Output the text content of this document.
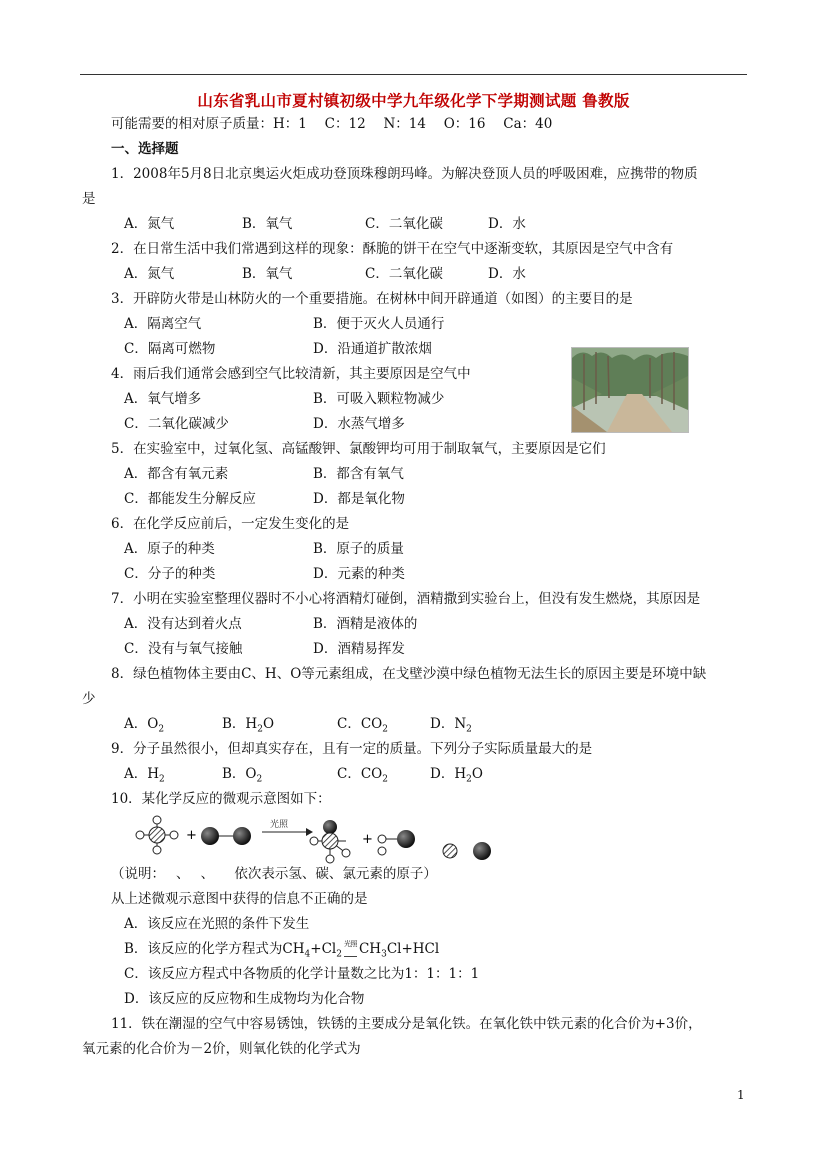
山东省乳山市夏村镇初级中学九年级化学下学期测试题 鲁教版
可能需要的相对原子质量：H：1　 C：12　 N：14　 O：16　 Ca：40
一、选择题
1．2008年5月8日北京奥运火炬成功登顶珠穆朗玛峰。为解决登顶人员的呼吸困难，应携带的物质
是
A．氮气	B．氧气	C．二氧化碳	D．水
2．在日常生活中我们常遇到这样的现象：酥脆的饼干在空气中逐渐变软，其原因是空气中含有
A．氮气	B．氧气	C．二氧化碳	D．水
3．开辟防火带是山林防火的一个重要措施。在树林中间开辟通道（如图）的主要目的是
A．隔离空气	B．便于灭火人员通行
C．隔离可燃物	D．沿通道扩散浓烟
4．雨后我们通常会感到空气比较清新，其主要原因是空气中
A．氧气增多	B．可吸入颗粒物减少
C．二氧化碳减少	D．水蒸气增多
5．在实验室中，过氧化氢、高锰酸钾、氯酸钾均可用于制取氧气，主要原因是它们
A．都含有氧元素	B．都含有氧气
C．都能发生分解反应	D．都是氧化物
6．在化学反应前后，一定发生变化的是
A．原子的种类	B．原子的质量
C．分子的种类	D．元素的种类
7．小明在实验室整理仪器时不小心将酒精灯碰倒，酒精撒到实验台上，但没有发生燃烧，其原因是
A．没有达到着火点	B．酒精是液体的
C．没有与氧气接触	D．酒精易挥发
8．绿色植物体主要由C、H、O等元素组成，在戈壁沙漠中绿色植物无法生长的原因主要是环境中缺
少
A．$O_2$	B．$H_2O$	C．$CO_2$	D．$N_2$
9．分子虽然很小，但却真实存在，且有一定的质量。下列分子实际质量最大的是
A．$H_2$	B．$O_2$	C．$CO_2$	D．$H_2O$
10．某化学反应的微观示意图如下：
+
光照
+
（说明：　 、　 、　　依次表示氢、碳、氯元素的原子）
从上述微观示意图中获得的信息不正确的是
A．该反应在光照的条件下发生
B．该反应的化学方程式为$CH_4+Cl_2^{光照}$ $CH_3Cl+HCl$
C．该反应方程式中各物质的化学计量数之比为1：1：1：1
D．该反应的反应物和生成物均为化合物
11．铁在潮湿的空气中容易锈蚀，铁锈的主要成分是氧化铁。在氧化铁中铁元素的化合价为+3价，
氧元素的化合价为－2价，则氧化铁的化学式为
1
